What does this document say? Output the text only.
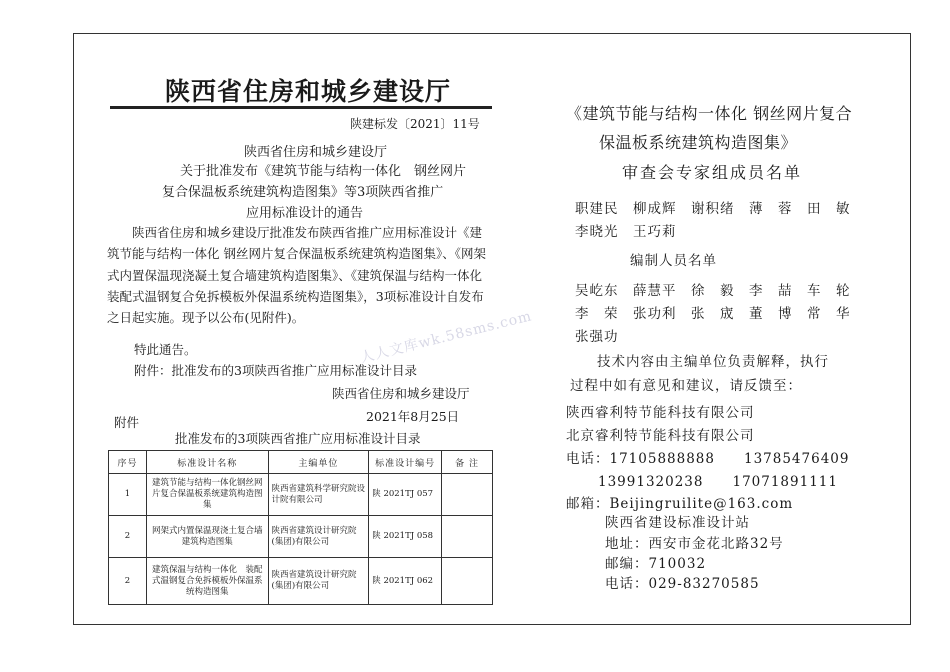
陕西省住房和城乡建设厅
陕建标发〔2021〕11号
陕西省住房和城乡建设厅
关于批准发布《建筑节能与结构一体化　钢丝网片
复合保温板系统建筑构造图集》等3项陕西省推广
应用标准设计的通告
陕西省住房和城乡建设厅批准发布陕西省推广应用标准设计《建筑节能与结构一体化 钢丝网片复合保温板系统建筑构造图集》、《网架式内置保温现浇凝土复合墙建筑构造图集》、《建筑保温与结构一体化 装配式温钢复合免拆模板外保温系统构造图集》，3项标准设计自发布之日起实施。现予以公布(见附件)。
特此通告。
附件：批准发布的3项陕西省推广应用标准设计目录
陕西省住房和城乡建设厅
2021年8月25日
附件
批准发布的3项陕西省推广应用标准设计目录
序号	标准设计名称	主编单位	标准设计编号	备 注
1	建筑节能与结构一体化钢丝网片复合保温板系统建筑构造图集	陕西省建筑科学研究院设计院有限公司	陕 2021TJ 057	
2	网架式内置保温现浇土复合墙建筑构造图集	陕西省建筑设计研究院(集团)有限公司	陕 2021TJ 058	
2	建筑保温与结构一体化　装配式温钢复合免拆模板外保温系统构造图集	陕西省建筑设计研究院(集团)有限公司	陕 2021TJ 062	
人人文库wk.58sms.com
《建筑节能与结构一体化 钢丝网片复合
保温板系统建筑构造图集》
审查会专家组成员名单
职建民　柳成辉　谢积绪　薄　蓉　田　敏
李晓光　王巧莉
编制人员名单
吴屹东　薛慧平　徐　毅　李　喆　车　轮
李　荣　张功利　张　宬　董　博　常　华
张强功
技术内容由主编单位负责解释，执行
过程中如有意见和建议，请反馈至：
陕西睿利特节能科技有限公司
北京睿利特节能科技有限公司
电话：17105888888　　13785476409
13991320238　　17071891111
邮箱：Beijingruilite@163.com
陕西省建设标准设计站
地址：西安市金花北路32号
邮编：710032
电话：029-83270585
